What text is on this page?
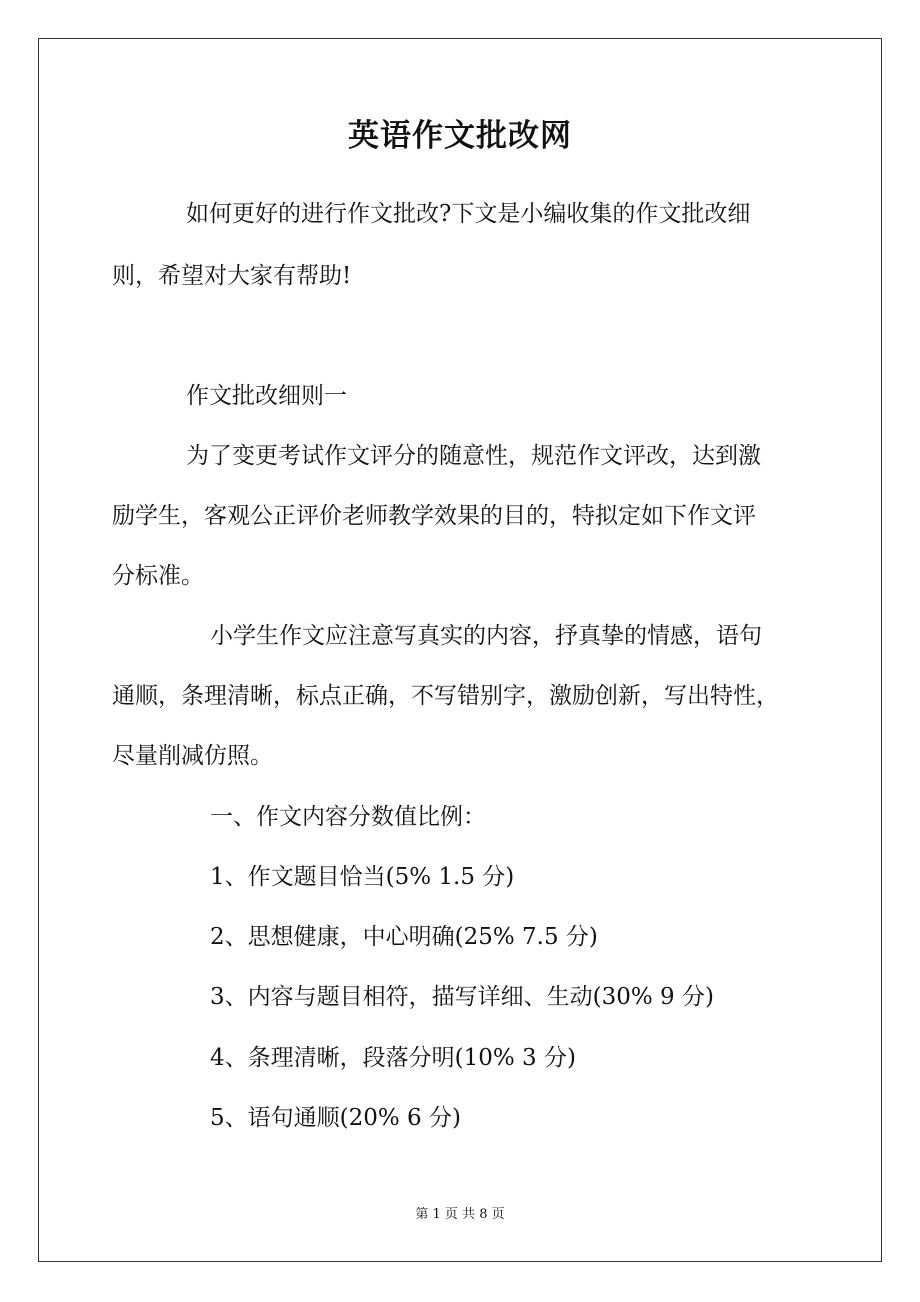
英语作文批改网
如何更好的进行作文批改?下文是小编收集的作文批改细
则，希望对大家有帮助!
作文批改细则一
为了变更考试作文评分的随意性，规范作文评改，达到激
励学生，客观公正评价老师教学效果的目的，特拟定如下作文评
分标准。
小学生作文应注意写真实的内容，抒真挚的情感，语句
通顺，条理清晰，标点正确，不写错别字，激励创新，写出特性，
尽量削减仿照。
一、作文内容分数值比例：
1、作文题目恰当(5% 1.5 分)
2、思想健康，中心明确(25% 7.5 分)
3、内容与题目相符，描写详细、生动(30% 9 分)
4、条理清晰，段落分明(10% 3 分)
5、语句通顺(20% 6 分)
第 1 页 共 8 页
